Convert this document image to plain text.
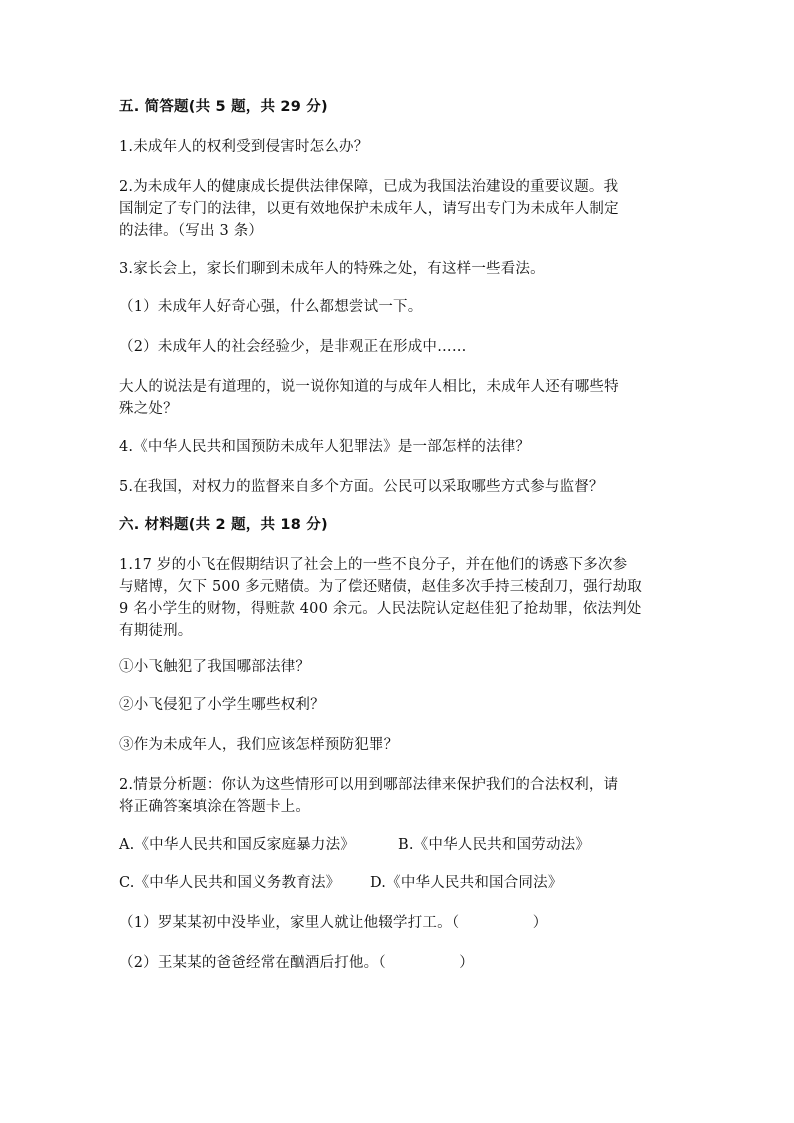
五. 简答题(共 5 题，共 29 分)
1.未成年人的权利受到侵害时怎么办？
2.为未成年人的健康成长提供法律保障，已成为我国法治建设的重要议题。我
国制定了专门的法律，以更有效地保护未成年人，请写出专门为未成年人制定
的法律。（写出 3 条）
3.家长会上，家长们聊到未成年人的特殊之处，有这样一些看法。
（1）未成年人好奇心强，什么都想尝试一下。
（2）未成年人的社会经验少，是非观正在形成中……
大人的说法是有道理的，说一说你知道的与成年人相比，未成年人还有哪些特
殊之处？
4.《中华人民共和国预防未成年人犯罪法》是一部怎样的法律？
5.在我国，对权力的监督来自多个方面。公民可以采取哪些方式参与监督？
六. 材料题(共 2 题，共 18 分)
1.17 岁的小飞在假期结识了社会上的一些不良分子，并在他们的诱惑下多次参
与赌博，欠下 500 多元赌债。为了偿还赌债，赵佳多次手持三棱刮刀，强行劫取
9 名小学生的财物，得赃款 400 余元。人民法院认定赵佳犯了抢劫罪，依法判处
有期徒刑。
①小飞触犯了我国哪部法律？
②小飞侵犯了小学生哪些权利？
③作为未成年人，我们应该怎样预防犯罪？
2.情景分析题：你认为这些情形可以用到哪部法律来保护我们的合法权利，请
将正确答案填涂在答题卡上。
A.《中华人民共和国反家庭暴力法》	B.《中华人民共和国劳动法》
C.《中华人民共和国义务教育法》	D.《中华人民共和国合同法》
（1）罗某某初中没毕业，家里人就让他辍学打工。（　　　　　）
（2）王某某的爸爸经常在酗酒后打他。（　　　　　）
